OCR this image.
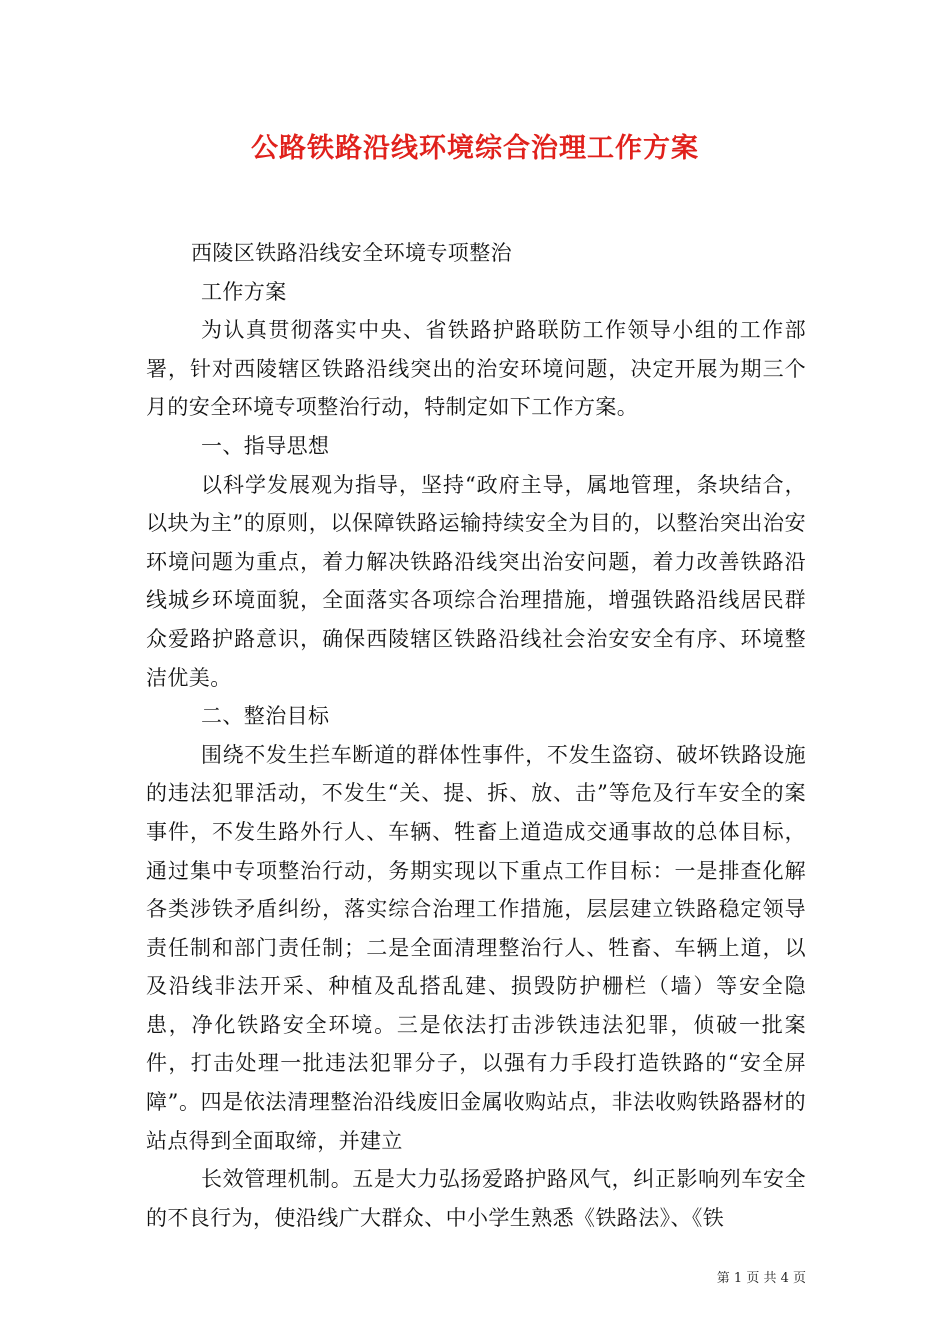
公路铁路沿线环境综合治理工作方案

西陵区铁路沿线安全环境专项整治

工作方案

为认真贯彻落实中央、省铁路护路联防工作领导小组的工作部署，针对西陵辖区铁路沿线突出的治安环境问题，决定开展为期三个月的安全环境专项整治行动，特制定如下工作方案。

一、指导思想

以科学发展观为指导，坚持“政府主导，属地管理，条块结合，以块为主”的原则，以保障铁路运输持续安全为目的，以整治突出治安环境问题为重点，着力解决铁路沿线突出治安问题，着力改善铁路沿线城乡环境面貌，全面落实各项综合治理措施，增强铁路沿线居民群众爱路护路意识，确保西陵辖区铁路沿线社会治安安全有序、环境整洁优美。

二、整治目标

围绕不发生拦车断道的群体性事件，不发生盗窃、破坏铁路设施的违法犯罪活动，不发生“关、提、拆、放、击”等危及行车安全的案事件，不发生路外行人、车辆、牲畜上道造成交通事故的总体目标，通过集中专项整治行动，务期实现以下重点工作目标：一是排查化解各类涉铁矛盾纠纷，落实综合治理工作措施，层层建立铁路稳定领导责任制和部门责任制；二是全面清理整治行人、牲畜、车辆上道，以及沿线非法开采、种植及乱搭乱建、损毁防护栅栏（墙）等安全隐患，净化铁路安全环境。三是依法打击涉铁违法犯罪，侦破一批案件，打击处理一批违法犯罪分子，以强有力手段打造铁路的“安全屏障”。四是依法清理整治沿线废旧金属收购站点，非法收购铁路器材的站点得到全面取缔，并建立

长效管理机制。五是大力弘扬爱路护路风气，纠正影响列车安全的不良行为，使沿线广大群众、中小学生熟悉《铁路法》、《铁

第 1 页 共 4 页
